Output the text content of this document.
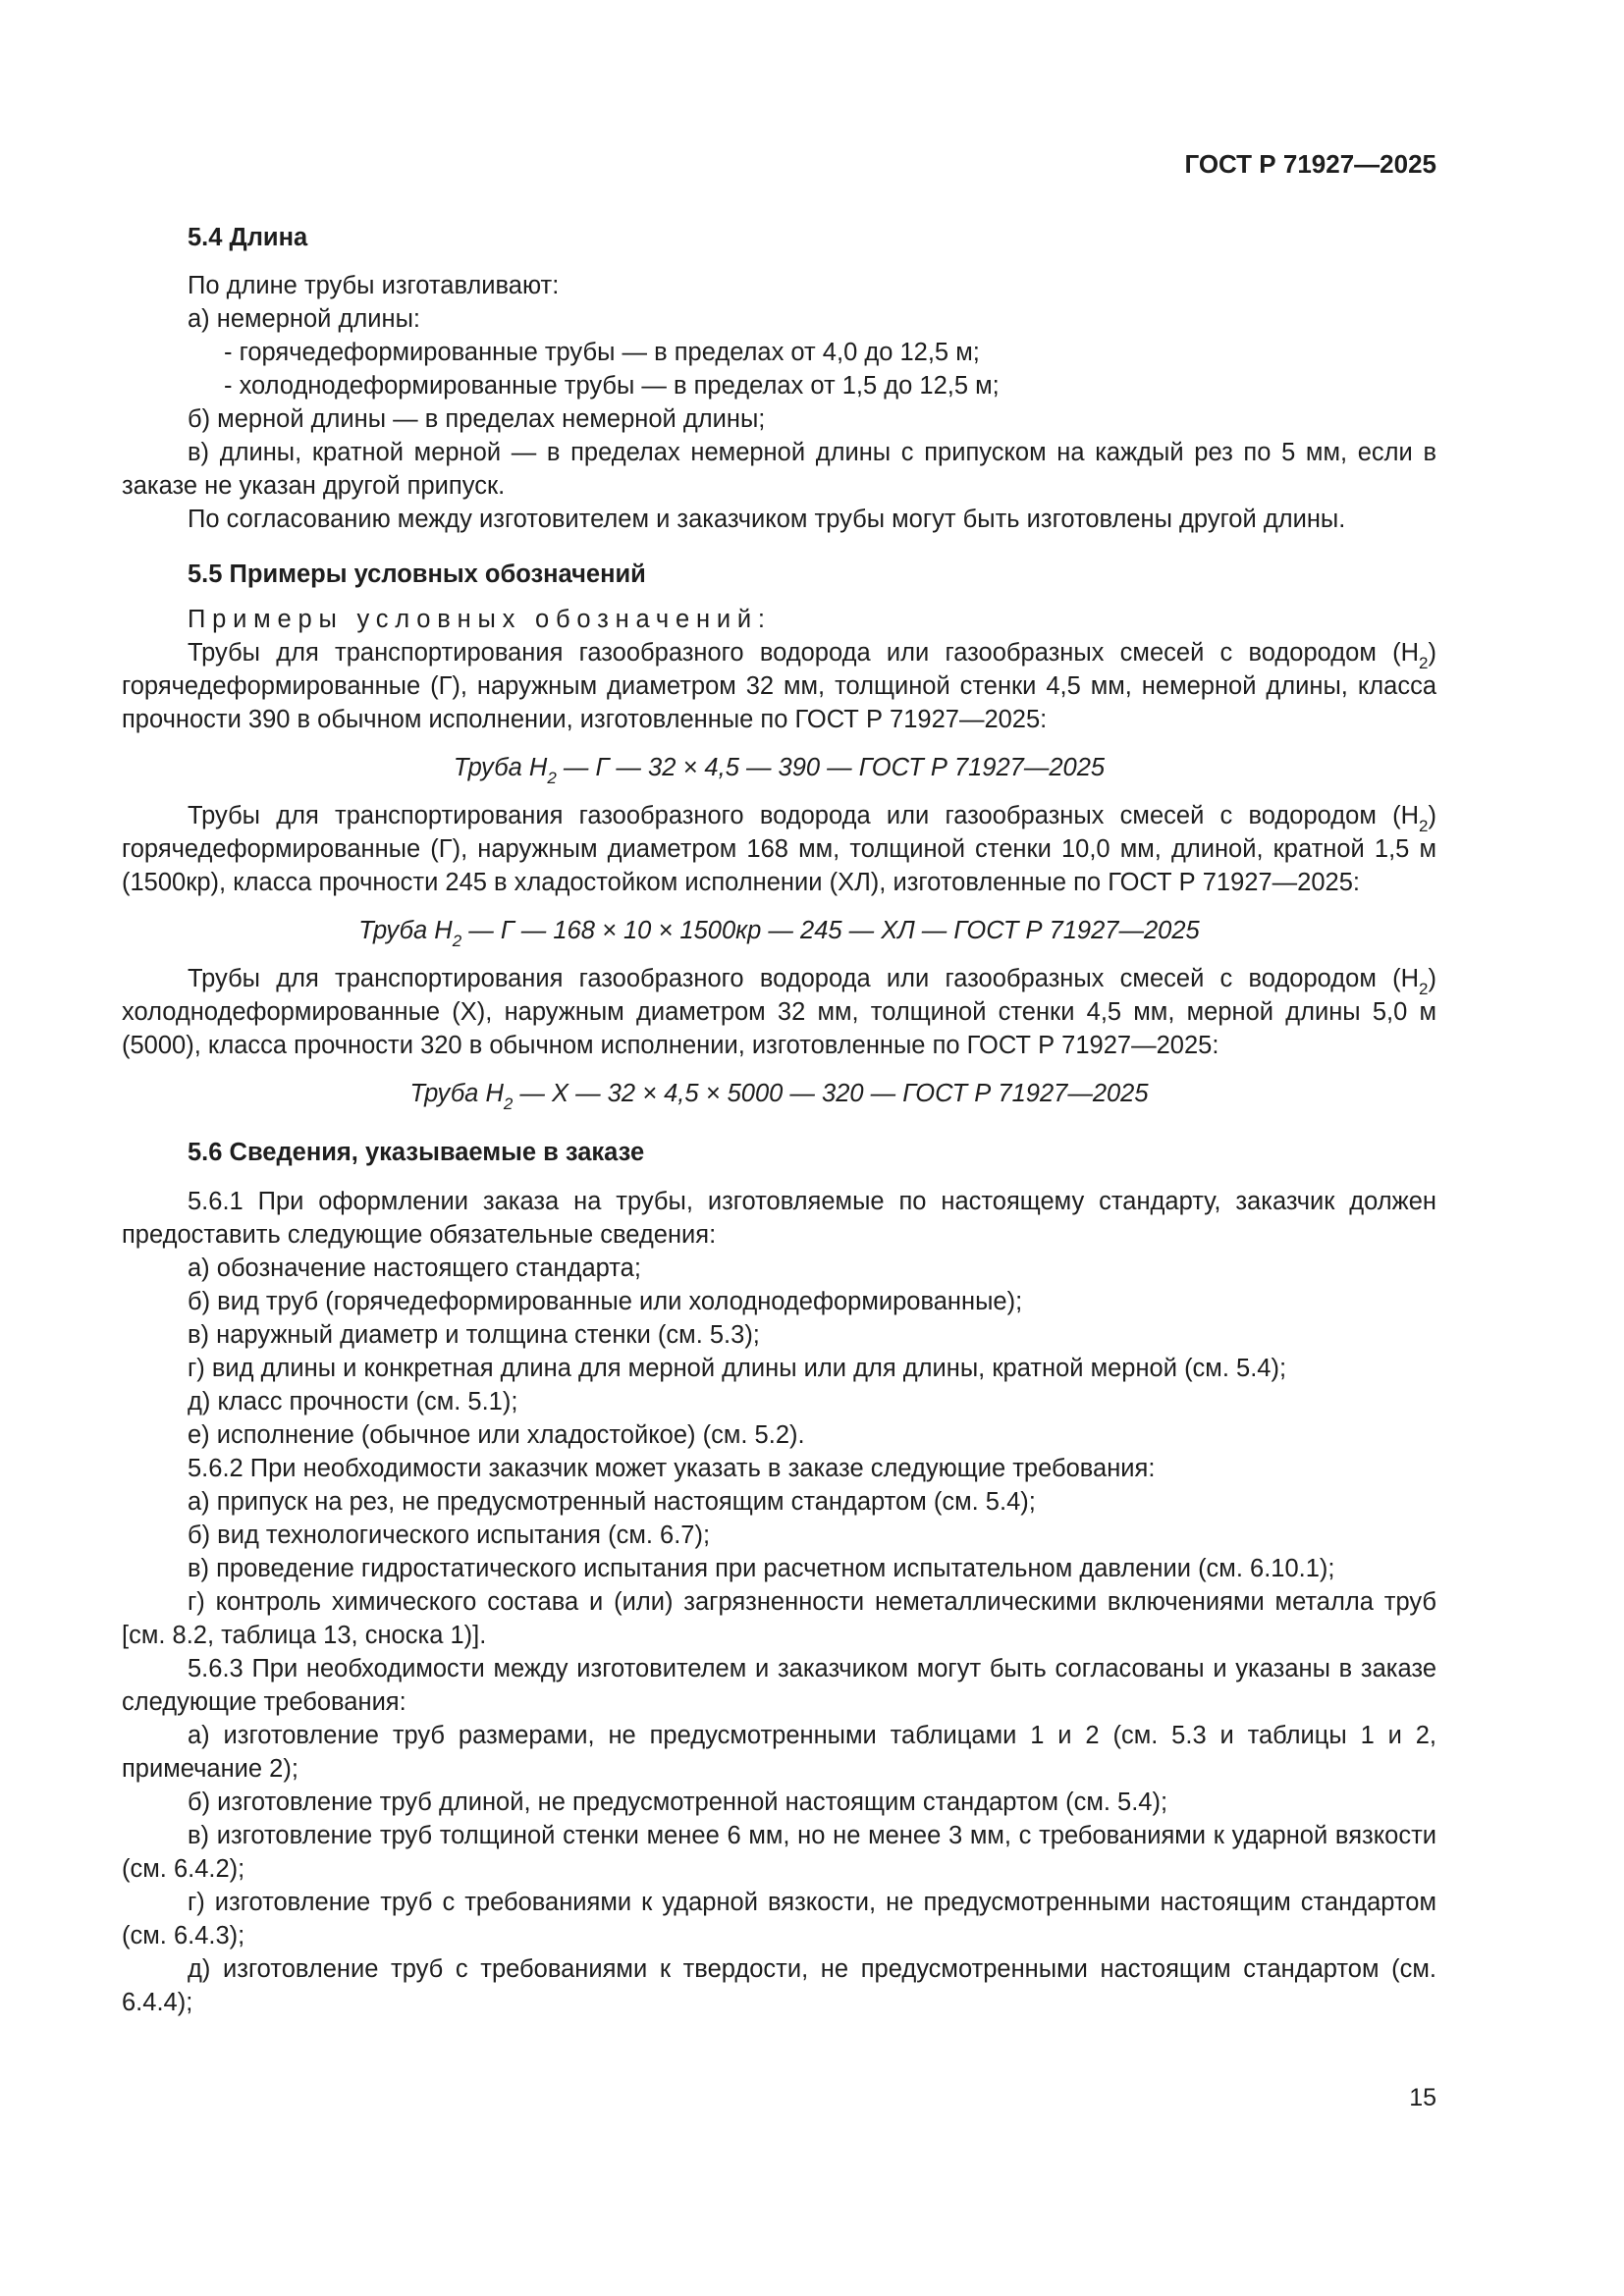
ГОСТ Р 71927—2025

5.4 Длина

По длине трубы изготавливают:

а) немерной длины:

- горячедеформированные трубы — в пределах от 4,0 до 12,5 м;

- холоднодеформированные трубы — в пределах от 1,5 до 12,5 м;

б) мерной длины — в пределах немерной длины;

в) длины, кратной мерной — в пределах немерной длины с припуском на каждый рез по 5 мм, если в заказе не указан другой припуск.

По согласованию между изготовителем и заказчиком трубы могут быть изготовлены другой длины.

5.5 Примеры условных обозначений

Примеры условных обозначений:

Трубы для транспортирования газообразного водорода или газообразных смесей с водородом $(Н_2)$ горячедеформированные (Г), наружным диаметром 32 мм, толщиной стенки 4,5 мм, немерной длины, класса прочности 390 в обычном исполнении, изготовленные по ГОСТ Р 71927—2025:

Труба $Н_2$ — Г — 32 × 4,5 — 390 — ГОСТ Р 71927—2025

Трубы для транспортирования газообразного водорода или газообразных смесей с водородом $(Н_2)$ горячедеформированные (Г), наружным диаметром 168 мм, толщиной стенки 10,0 мм, длиной, кратной 1,5 м (1500кр), класса прочности 245 в хладостойком исполнении (ХЛ), изготовленные по ГОСТ Р 71927—2025:

Труба $Н_2$ — Г — 168 × 10 × 1500кр — 245 — ХЛ — ГОСТ Р 71927—2025

Трубы для транспортирования газообразного водорода или газообразных смесей с водородом $(Н_2)$ холоднодеформированные (Х), наружным диаметром 32 мм, толщиной стенки 4,5 мм, мерной длины 5,0 м (5000), класса прочности 320 в обычном исполнении, изготовленные по ГОСТ Р 71927—2025:

Труба $Н_2$ — Х — 32 × 4,5 × 5000 — 320 — ГОСТ Р 71927—2025

5.6 Сведения, указываемые в заказе

5.6.1 При оформлении заказа на трубы, изготовляемые по настоящему стандарту, заказчик должен предоставить следующие обязательные сведения:

а) обозначение настоящего стандарта;

б) вид труб (горячедеформированные или холоднодеформированные);

в) наружный диаметр и толщина стенки (см. 5.3);

г) вид длины и конкретная длина для мерной длины или для длины, кратной мерной (см. 5.4);

д) класс прочности (см. 5.1);

е) исполнение (обычное или хладостойкое) (см. 5.2).

5.6.2 При необходимости заказчик может указать в заказе следующие требования:

а) припуск на рез, не предусмотренный настоящим стандартом (см. 5.4);

б) вид технологического испытания (см. 6.7);

в) проведение гидростатического испытания при расчетном испытательном давлении (см. 6.10.1);

г) контроль химического состава и (или) загрязненности неметаллическими включениями металла труб [см. 8.2, таблица 13, сноска 1)].

5.6.3 При необходимости между изготовителем и заказчиком могут быть согласованы и указаны в заказе следующие требования:

а) изготовление труб размерами, не предусмотренными таблицами 1 и 2 (см. 5.3 и таблицы 1 и 2, примечание 2);

б) изготовление труб длиной, не предусмотренной настоящим стандартом (см. 5.4);

в) изготовление труб толщиной стенки менее 6 мм, но не менее 3 мм, с требованиями к ударной вязкости (см. 6.4.2);

г) изготовление труб с требованиями к ударной вязкости, не предусмотренными настоящим стандартом (см. 6.4.3);

д) изготовление труб с требованиями к твердости, не предусмотренными настоящим стандартом (см. 6.4.4);

15
